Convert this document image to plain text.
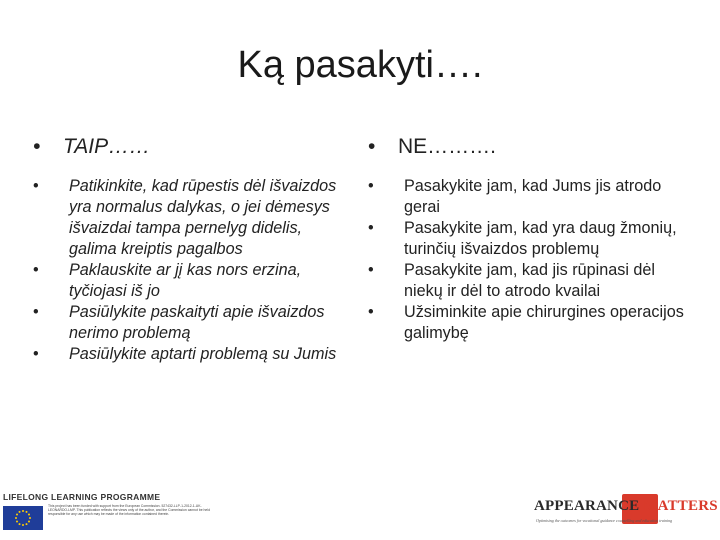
Ką pasakyti….
• TAIP……
• Patikinkite, kad rūpestis dėl išvaizdos yra normalus dalykas, o jei dėmesys išvaizdai tampa pernelyg didelis, galima kreiptis pagalbos
• Paklauskite ar jį kas nors erzina, tyčiojasi iš jo
• Pasiūlykite paskaityti apie išvaizdos nerimo problemą
• Pasiūlykite aptarti problemą su Jumis
• NE……….
• Pasakykite jam, kad Jums jis atrodo gerai
• Pasakykite jam, kad yra daug žmonių, turinčių išvaizdos problemų
• Pasakykite jam, kad jis rūpinasi dėl niekų ir dėl to atrodo kvailai
• Užsiminkite apie chirurgines operacijos galimybę
LIFELONG LEARNING PROGRAMME
This project has been funded with support from the European Commission. 527432-LLP-1-2012-1-UK-LEONARDO-LMP. This publication reflects the views only of the author, and the Commission cannot be held responsible for any use which may be made of the information contained therein.
APPEARANCE MATTERS
Optimising the outcomes for vocational guidance counselling and education training
